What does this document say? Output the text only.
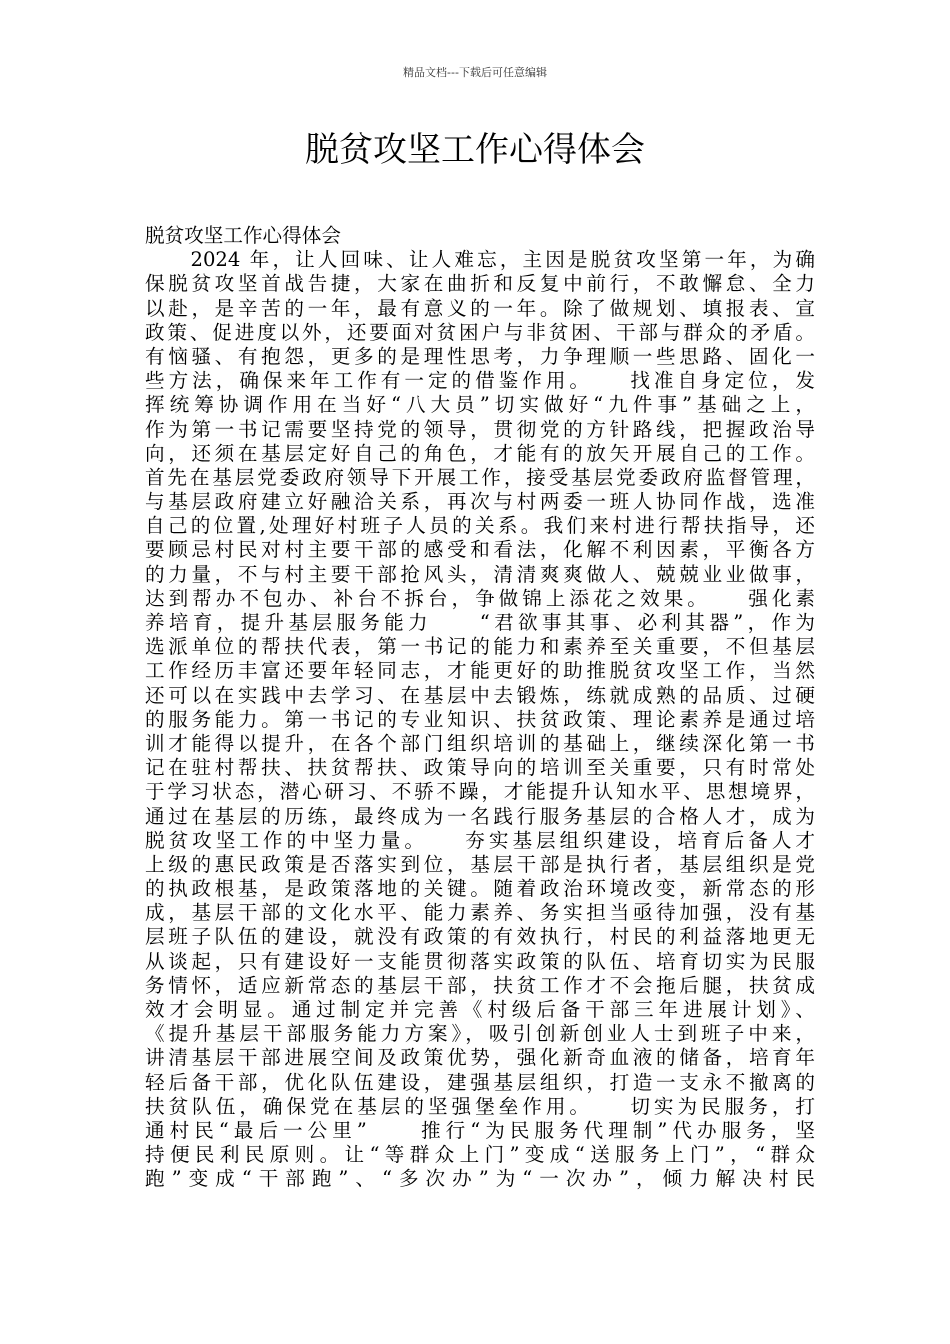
精品文档---下载后可任意编辑
脱贫攻坚工作心得体会
脱贫攻坚工作心得体会
　　2024 年，让人回味、让人难忘，主因是脱贫攻坚第一年，为确
保脱贫攻坚首战告捷，大家在曲折和反复中前行，不敢懈怠、全力
以赴，是辛苦的一年，最有意义的一年。除了做规划、填报表、宣
政策、促进度以外，还要面对贫困户与非贫困、干部与群众的矛盾。
有恼骚、有抱怨，更多的是理性思考，力争理顺一些思路、固化一
些方法，确保来年工作有一定的借鉴作用。　　找准自身定位，发
挥统筹协调作用在当好“八大员”切实做好“九件事”基础之上，
作为第一书记需要坚持党的领导，贯彻党的方针路线，把握政治导
向，还须在基层定好自己的角色，才能有的放矢开展自己的工作。
首先在基层党委政府领导下开展工作，接受基层党委政府监督管理，
与基层政府建立好融洽关系，再次与村两委一班人协同作战，选准
自己的位置,处理好村班子人员的关系。我们来村进行帮扶指导，还
要顾忌村民对村主要干部的感受和看法，化解不利因素，平衡各方
的力量，不与村主要干部抢风头，清清爽爽做人、兢兢业业做事，
达到帮办不包办、补台不拆台，争做锦上添花之效果。　　强化素
养培育，提升基层服务能力　　“君欲事其事、必利其器”，作为
选派单位的帮扶代表，第一书记的能力和素养至关重要，不但基层
工作经历丰富还要年轻同志，才能更好的助推脱贫攻坚工作，当然
还可以在实践中去学习、在基层中去锻炼，练就成熟的品质、过硬
的服务能力。第一书记的专业知识、扶贫政策、理论素养是通过培
训才能得以提升，在各个部门组织培训的基础上，继续深化第一书
记在驻村帮扶、扶贫帮扶、政策导向的培训至关重要，只有时常处
于学习状态，潜心研习、不骄不躁，才能提升认知水平、思想境界，
通过在基层的历练，最终成为一名践行服务基层的合格人才，成为
脱贫攻坚工作的中坚力量。　　夯实基层组织建设，培育后备人才
上级的惠民政策是否落实到位，基层干部是执行者，基层组织是党
的执政根基，是政策落地的关键。随着政治环境改变，新常态的形
成，基层干部的文化水平、能力素养、务实担当亟待加强，没有基
层班子队伍的建设，就没有政策的有效执行，村民的利益落地更无
从谈起，只有建设好一支能贯彻落实政策的队伍、培育切实为民服
务情怀，适应新常态的基层干部，扶贫工作才不会拖后腿，扶贫成
效才会明显。通过制定并完善《村级后备干部三年进展计划》、
《提升基层干部服务能力方案》，吸引创新创业人士到班子中来，
讲清基层干部进展空间及政策优势，强化新奇血液的储备，培育年
轻后备干部，优化队伍建设，建强基层组织，打造一支永不撤离的
扶贫队伍，确保党在基层的坚强堡垒作用。　　切实为民服务，打
通村民“最后一公里”　　推行“为民服务代理制”代办服务，坚
持便民利民原则。让“等群众上门”变成“送服务上门”，“群众
跑”变成“干部跑”、“多次办”为“一次办”，倾力解决村民
